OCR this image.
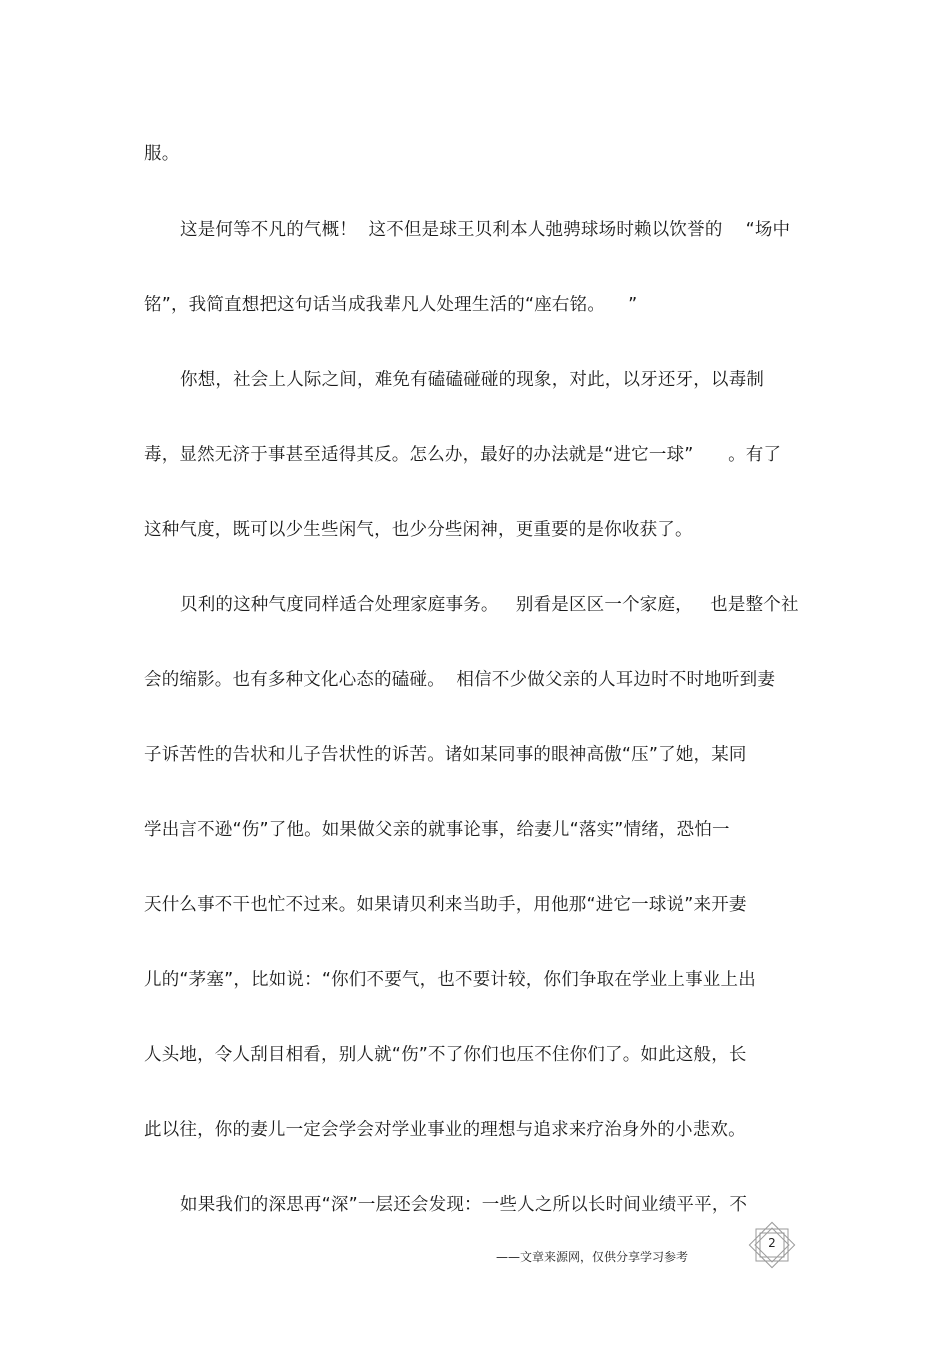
服。
这是何等不凡的气概！  这不但是球王贝利本人弛骋球场时赖以饮誉的    “场中
铭”，我简直想把这句话当成我辈凡人处理生活的“座右铭。    ”
你想，社会上人际之间，难免有磕磕碰碰的现象，对此，以牙还牙，以毒制
毒，显然无济于事甚至适得其反。怎么办，最好的办法就是“进它一球”      。有了
这种气度，既可以少生些闲气，也少分些闲神，更重要的是你收获了。
贝利的这种气度同样适合处理家庭事务。   别看是区区一个家庭，   也是整个社
会的缩影。也有多种文化心态的磕碰。  相信不少做父亲的人耳边时不时地听到妻
子诉苦性的告状和儿子告状性的诉苦。诸如某同事的眼神高傲“压”了她，某同
学出言不逊“伤”了他。如果做父亲的就事论事，给妻儿“落实”情绪，恐怕一
天什么事不干也忙不过来。如果请贝利来当助手，用他那“进它一球说”来开妻
儿的“茅塞”，比如说：“你们不要气，也不要计较，你们争取在学业上事业上出
人头地，令人刮目相看，别人就“伤”不了你们也压不住你们了。如此这般，长
此以往，你的妻儿一定会学会对学业事业的理想与追求来疗治身外的小悲欢。
如果我们的深思再“深”一层还会发现：一些人之所以长时间业绩平平，不
——文章来源网，仅供分享学习参考
2
